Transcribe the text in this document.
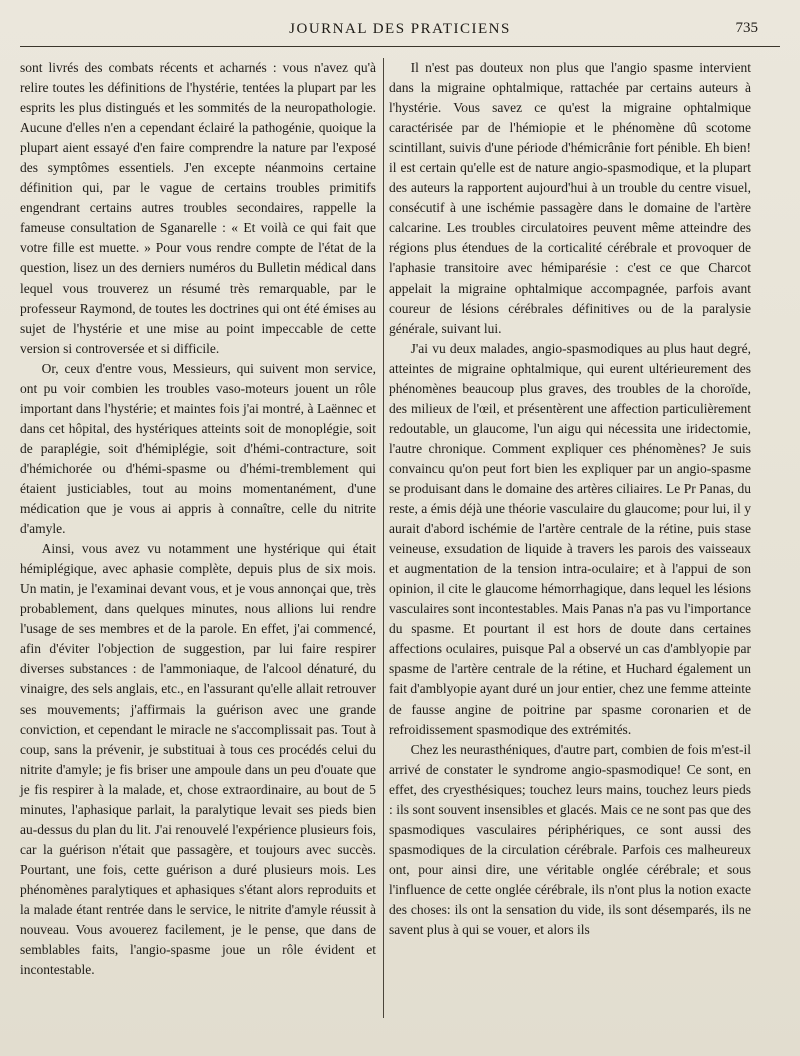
JOURNAL DES PRATICIENS	735

sont livrés des combats récents et acharnés : vous n'avez qu'à relire toutes les définitions de l'hystérie, tentées la plupart par les esprits les plus distingués et les sommités de la neuropathologie. Aucune d'elles n'en a cependant éclairé la pathogénie, quoique la plupart aient essayé d'en faire comprendre la nature par l'exposé des symptômes essentiels. J'en excepte néanmoins certaine définition qui, par le vague de certains troubles primitifs engendrant certains autres troubles secondaires, rappelle la fameuse consultation de Sganarelle : « Et voilà ce qui fait que votre fille est muette. » Pour vous rendre compte de l'état de la question, lisez un des derniers numéros du Bulletin médical dans lequel vous trouverez un résumé très remarquable, par le professeur Raymond, de toutes les doctrines qui ont été émises au sujet de l'hystérie et une mise au point impeccable de cette version si controversée et si difficile.

Or, ceux d'entre vous, Messieurs, qui suivent mon service, ont pu voir combien les troubles vaso-moteurs jouent un rôle important dans l'hystérie; et maintes fois j'ai montré, à Laënnec et dans cet hôpital, des hystériques atteints soit de monoplégie, soit de paraplégie, soit d'hémiplégie, soit d'hémi-contracture, soit d'hémichorée ou d'hémi-spasme ou d'hémi-tremblement qui étaient justiciables, tout au moins momentanément, d'une médication que je vous ai appris à connaître, celle du nitrite d'amyle.

Ainsi, vous avez vu notamment une hystérique qui était hémiplégique, avec aphasie complète, depuis plus de six mois. Un matin, je l'examinai devant vous, et je vous annonçai que, très probablement, dans quelques minutes, nous allions lui rendre l'usage de ses membres et de la parole. En effet, j'ai commencé, afin d'éviter l'objection de suggestion, par lui faire respirer diverses substances : de l'ammoniaque, de l'alcool dénaturé, du vinaigre, des sels anglais, etc., en l'assurant qu'elle allait retrouver ses mouvements; j'affirmais la guérison avec une grande conviction, et cependant le miracle ne s'accomplissait pas. Tout à coup, sans la prévenir, je substituai à tous ces procédés celui du nitrite d'amyle; je fis briser une ampoule dans un peu d'ouate que je fis respirer à la malade, et, chose extraordinaire, au bout de 5 minutes, l'aphasique parlait, la paralytique levait ses pieds bien au-dessus du plan du lit. J'ai renouvelé l'expérience plusieurs fois, car la guérison n'était que passagère, et toujours avec succès. Pourtant, une fois, cette guérison a duré plusieurs mois. Les phénomènes paralytiques et aphasiques s'étant alors reproduits et la malade étant rentrée dans le service, le nitrite d'amyle réussit à nouveau. Vous avouerez facilement, je le pense, que dans de semblables faits, l'angio-spasme joue un rôle évident et incontestable.

Il n'est pas douteux non plus que l'angio spasme intervient dans la migraine ophtalmique, rattachée par certains auteurs à l'hystérie. Vous savez ce qu'est la migraine ophtalmique caractérisée par de l'hémiopie et le phénomène dû scotome scintillant, suivis d'une période d'hémicrânie fort pénible. Eh bien! il est certain qu'elle est de nature angio-spasmodique, et la plupart des auteurs la rapportent aujourd'hui à un trouble du centre visuel, consécutif à une ischémie passagère dans le domaine de l'artère calcarine. Les troubles circulatoires peuvent même atteindre des régions plus étendues de la corticalité cérébrale et provoquer de l'aphasie transitoire avec hémiparésie : c'est ce que Charcot appelait la migraine ophtalmique accompagnée, parfois avant coureur de lésions cérébrales définitives ou de la paralysie générale, suivant lui.

J'ai vu deux malades, angio-spasmodiques au plus haut degré, atteintes de migraine ophtalmique, qui eurent ultérieurement des phénomènes beaucoup plus graves, des troubles de la choroïde, des milieux de l'œil, et présentèrent une affection particulièrement redoutable, un glaucome, l'un aigu qui nécessita une iridectomie, l'autre chronique. Comment expliquer ces phénomènes? Je suis convaincu qu'on peut fort bien les expliquer par un angio-spasme se produisant dans le domaine des artères ciliaires. Le Pr Panas, du reste, a émis déjà une théorie vasculaire du glaucome; pour lui, il y aurait d'abord ischémie de l'artère centrale de la rétine, puis stase veineuse, exsudation de liquide à travers les parois des vaisseaux et augmentation de la tension intra-oculaire; et à l'appui de son opinion, il cite le glaucome hémorrhagique, dans lequel les lésions vasculaires sont incontestables. Mais Panas n'a pas vu l'importance du spasme. Et pourtant il est hors de doute dans certaines affections oculaires, puisque Pal a observé un cas d'amblyopie par spasme de l'artère centrale de la rétine, et Huchard également un fait d'amblyopie ayant duré un jour entier, chez une femme atteinte de fausse angine de poitrine par spasme coronarien et de refroidissement spasmodique des extrémités.

Chez les neurasthéniques, d'autre part, combien de fois m'est-il arrivé de constater le syndrome angio-spasmodique! Ce sont, en effet, des cryesthésiques; touchez leurs mains, touchez leurs pieds : ils sont souvent insensibles et glacés. Mais ce ne sont pas que des spasmodiques vasculaires périphériques, ce sont aussi des spasmodiques de la circulation cérébrale. Parfois ces malheureux ont, pour ainsi dire, une véritable onglée cérébrale; et sous l'influence de cette onglée cérébrale, ils n'ont plus la notion exacte des choses: ils ont la sensation du vide, ils sont désemparés, ils ne savent plus à qui se vouer, et alors ils
